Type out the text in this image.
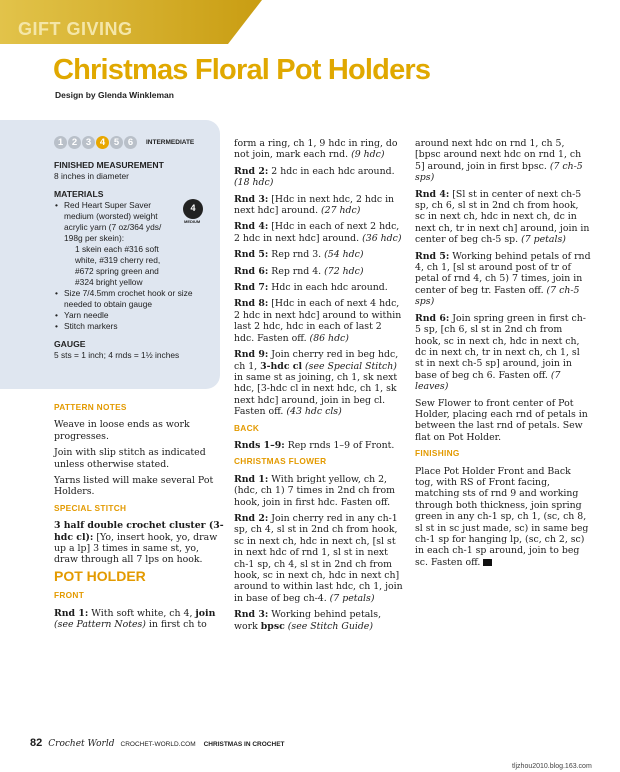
GIFT GIVING
Christmas Floral Pot Holders
Design by Glenda Winkleman
1 2 3 4 5 6	INTERMEDIATE
FINISHED MEASUREMENT
8 inches in diameter
MATERIALS
• Red Heart Super Saver medium (worsted) weight acrylic yarn (7 oz/364 yds/ 198g per skein):
1 skein each #316 soft white, #319 cherry red, #672 spring green and #324 bright yellow
• Size 7/4.5mm crochet hook or size needed to obtain gauge
• Yarn needle
• Stitch markers
GAUGE
5 sts = 1 inch; 4 rnds = 1½ inches
4
MEDIUM
PATTERN NOTES

Weave in loose ends as work progresses.

Join with slip stitch as indicated unless otherwise stated.

Yarns listed will make several Pot Holders.

SPECIAL STITCH

3 half double crochet cluster (3-hdc cl): [Yo, insert hook, yo, draw up a lp] 3 times in same st, yo, draw through all 7 lps on hook.

POT HOLDER
FRONT

Rnd 1: With soft white, ch 4, join (see Pattern Notes) in first ch to

form a ring, ch 1, 9 hdc in ring, do not join, mark each rnd. (9 hdc)

Rnd 2: 2 hdc in each hdc around. (18 hdc)

Rnd 3: [Hdc in next hdc, 2 hdc in next hdc] around. (27 hdc)

Rnd 4: [Hdc in each of next 2 hdc, 2 hdc in next hdc] around. (36 hdc)

Rnd 5: Rep rnd 3. (54 hdc)

Rnd 6: Rep rnd 4. (72 hdc)

Rnd 7: Hdc in each hdc around.

Rnd 8: [Hdc in each of next 4 hdc, 2 hdc in next hdc] around to within last 2 hdc, hdc in each of last 2 hdc. Fasten off. (86 hdc)

Rnd 9: Join cherry red in beg hdc, ch 1, 3-hdc cl (see Special Stitch) in same st as joining, ch 1, sk next hdc, [3-hdc cl in next hdc, ch 1, sk next hdc] around, join in beg cl. Fasten off. (43 hdc cls)

BACK

Rnds 1–9: Rep rnds 1–9 of Front.

CHRISTMAS FLOWER

Rnd 1: With bright yellow, ch 2, (hdc, ch 1) 7 times in 2nd ch from hook, join in first hdc. Fasten off.

Rnd 2: Join cherry red in any ch-1 sp, ch 4, sl st in 2nd ch from hook, sc in next ch, hdc in next ch, [sl st in next hdc of rnd 1, sl st in next ch-1 sp, ch 4, sl st in 2nd ch from hook, sc in next ch, hdc in next ch] around to within last hdc, ch 1, join in base of beg ch-4. (7 petals)

Rnd 3: Working behind petals, work bpsc (see Stitch Guide)

around next hdc on rnd 1, ch 5, [bpsc around next hdc on rnd 1, ch 5] around, join in first bpsc. (7 ch-5 sps)

Rnd 4: [Sl st in center of next ch-5 sp, ch 6, sl st in 2nd ch from hook, sc in next ch, hdc in next ch, dc in next ch, tr in next ch] around, join in center of beg ch-5 sp. (7 petals)

Rnd 5: Working behind petals of rnd 4, ch 1, [sl st around post of tr of petal of rnd 4, ch 5) 7 times, join in center of beg tr. Fasten off. (7 ch-5 sps)

Rnd 6: Join spring green in first ch-5 sp, [ch 6, sl st in 2nd ch from hook, sc in next ch, hdc in next ch, dc in next ch, tr in next ch, ch 1, sl st in next ch-5 sp] around, join in base of beg ch 6. Fasten off. (7 leaves)

Sew Flower to front center of Pot Holder, placing each rnd of petals in between the last rnd of petals. Sew flat on Pot Holder.

FINISHING

Place Pot Holder Front and Back tog, with RS of Front facing, matching sts of rnd 9 and working through both thickness, join spring green in any ch-1 sp, ch 1, (sc, ch 8, sl st in sc just made, sc) in same beg ch-1 sp for hanging lp, (sc, ch 2, sc) in each ch-1 sp around, join to beg sc. Fasten off.

82 Crochet World CROCHET-WORLD.COM CHRISTMAS IN CROCHET
tljzhou2010.blog.163.com
